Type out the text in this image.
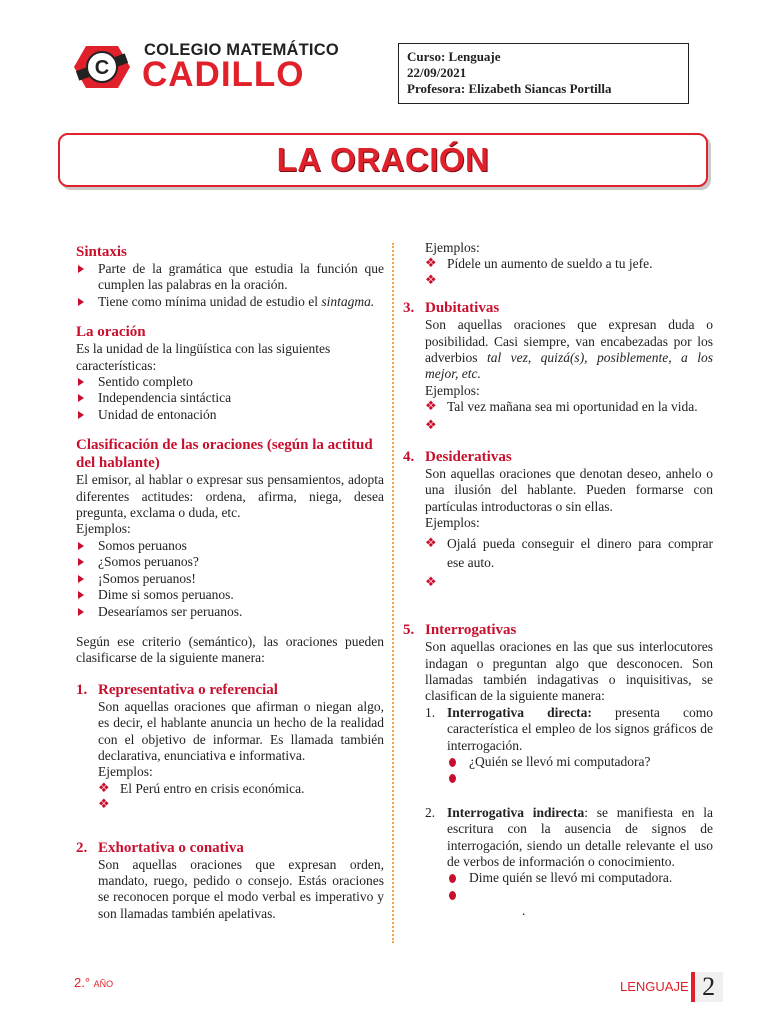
C
COLEGIO MATEMÁTICO
CADILLO	Curso: Lenguaje
22/09/2021
Profesora: Elizabeth Siancas Portilla
LA ORACIÓN
Sintaxis
Parte de la gramática que estudia la función que cumplen las palabras en la oración.
Tiene como mínima unidad de estudio el sintagma.
La oración

Es la unidad de la lingüística con las siguientes características:

Sentido completo
Independencia sintáctica
Unidad de entonación
Clasificación de las oraciones (según la actitud del hablante)

El emisor, al hablar o expresar sus pensamientos, adopta diferentes actitudes: ordena, afirma, niega, desea pregunta, exclama o duda, etc.

Ejemplos:
Somos peruanos
¿Somos peruanos?
¡Somos peruanos!
Dime si somos peruanos.
Desearíamos ser peruanos.

Según ese criterio (semántico), las oraciones pueden clasificarse de la siguiente manera:

1. Representativa o referencial

Son aquellas oraciones que afirman o niegan algo, es decir, el hablante anuncia un hecho de la realidad con el objetivo de informar. Es llamada también declarativa, enunciativa e informativa.

Ejemplos:
❖ El Perú entro en crisis económica.
❖

2. Exhortativa o conativa

Son aquellas oraciones que expresan orden, mandato, ruego, pedido o consejo. Estás oraciones se reconocen porque el modo verbal es imperativo y son llamadas también apelativas.

Ejemplos:
❖ Pídele un aumento de sueldo a tu jefe.
❖

3. Dubitativas

Son aquellas oraciones que expresan duda o posibilidad. Casi siempre, van encabezadas por los adverbios tal vez, quizá(s), posiblemente, a los mejor, etc.

Ejemplos:
❖ Tal vez mañana sea mi oportunidad en la vida.
❖

4. Desiderativas

Son aquellas oraciones que denotan deseo, anhelo o una ilusión del hablante. Pueden formarse con partículas introductoras o sin ellas.

Ejemplos:
❖ Ojalá pueda conseguir el dinero para comprar ese auto.
❖

5. Interrogativas

Son aquellas oraciones en las que sus interlocutores indagan o preguntan algo que desconocen. Son llamadas también indagativas o inquisitivas, se clasifican de la siguiente manera:

1. Interrogativa directa: presenta como característica el empleo de los signos gráficos de interrogación.
¿Quién se llevó mi computadora?

2. Interrogativa indirecta: se manifiesta en la escritura con la ausencia de signos de interrogación, siendo un detalle relevante el uso de verbos de información o conocimiento.
Dime quién se llevó mi computadora.

.
2.° AÑO	LENGUAJE 2
